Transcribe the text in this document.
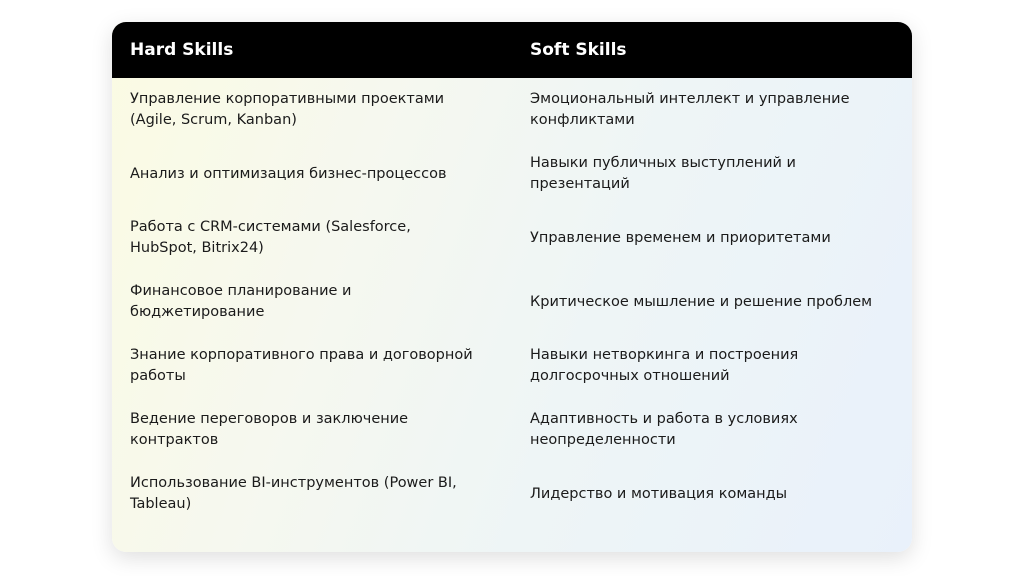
Hard Skills	Soft Skills

Управление корпоративными проектами (Agile, Scrum, Kanban)	Эмоциональный интеллект и управление конфликтами

Анализ и оптимизация бизнес-процессов	Навыки публичных выступлений и презентаций

Работа с CRM-системами (Salesforce, HubSpot, Bitrix24)	Управление временем и приоритетами

Финансовое планирование и бюджетирование	Критическое мышление и решение проблем

Знание корпоративного права и договорной работы	Навыки нетворкинга и построения долгосрочных отношений

Ведение переговоров и заключение контрактов	Адаптивность и работа в условиях неопределенности

Использование BI-инструментов (Power BI, Tableau)	Лидерство и мотивация команды
